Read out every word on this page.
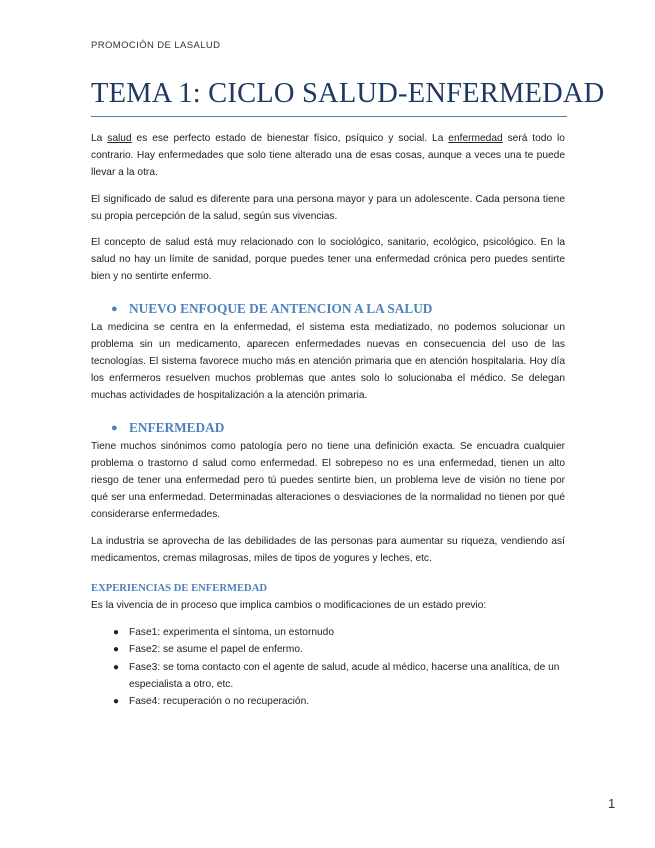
PROMOCIÓN DE LASALUD
TEMA 1: CICLO SALUD-ENFERMEDAD

La salud es ese perfecto estado de bienestar físico, psíquico y social. La enfermedad será todo lo contrario. Hay enfermedades que solo tiene alterado una de esas cosas, aunque a veces una te puede llevar a la otra.

El significado de salud es diferente para una persona mayor y para un adolescente. Cada persona tiene su propia percepción de la salud, según sus vivencias.

El concepto de salud está muy relacionado con lo sociológico, sanitario, ecológico, psicológico. En la salud no hay un límite de sanidad, porque puedes tener una enfermedad crónica pero puedes sentirte bien y no sentirte enfermo.

● NUEVO ENFOQUE DE ANTENCION A LA SALUD

La medicina se centra en la enfermedad, el sistema esta mediatizado, no podemos solucionar un problema sin un medicamento, aparecen enfermedades nuevas en consecuencia del uso de las tecnologías. El sistema favorece mucho más en atención primaria que en atención hospitalaria. Hoy día los enfermeros resuelven muchos problemas que antes solo lo solucionaba el médico. Se delegan muchas actividades de hospitalización a la atención primaria.

● ENFERMEDAD

Tiene muchos sinónimos como patología pero no tiene una definición exacta. Se encuadra cualquier problema o trastorno d salud como enfermedad. El sobrepeso no es una enfermedad, tienen un alto riesgo de tener una enfermedad pero tú puedes sentirte bien, un problema leve de visión no tiene por qué ser una enfermedad. Determinadas alteraciones o desviaciones de la normalidad no tienen por qué considerarse enfermedades.

La industria se aprovecha de las debilidades de las personas para aumentar su riqueza, vendiendo así medicamentos, cremas milagrosas, miles de tipos de yogures y leches, etc.

EXPERIENCIAS DE ENFERMEDAD
Es la vivencia de in proceso que implica cambios o modificaciones de un estado previo:
● Fase1: experimenta el síntoma, un estornudo
● Fase2: se asume el papel de enfermo.
● Fase3: se toma contacto con el agente de salud, acude al médico, hacerse una analítica, de un especialista a otro, etc.
● Fase4: recuperación o no recuperación.
1
